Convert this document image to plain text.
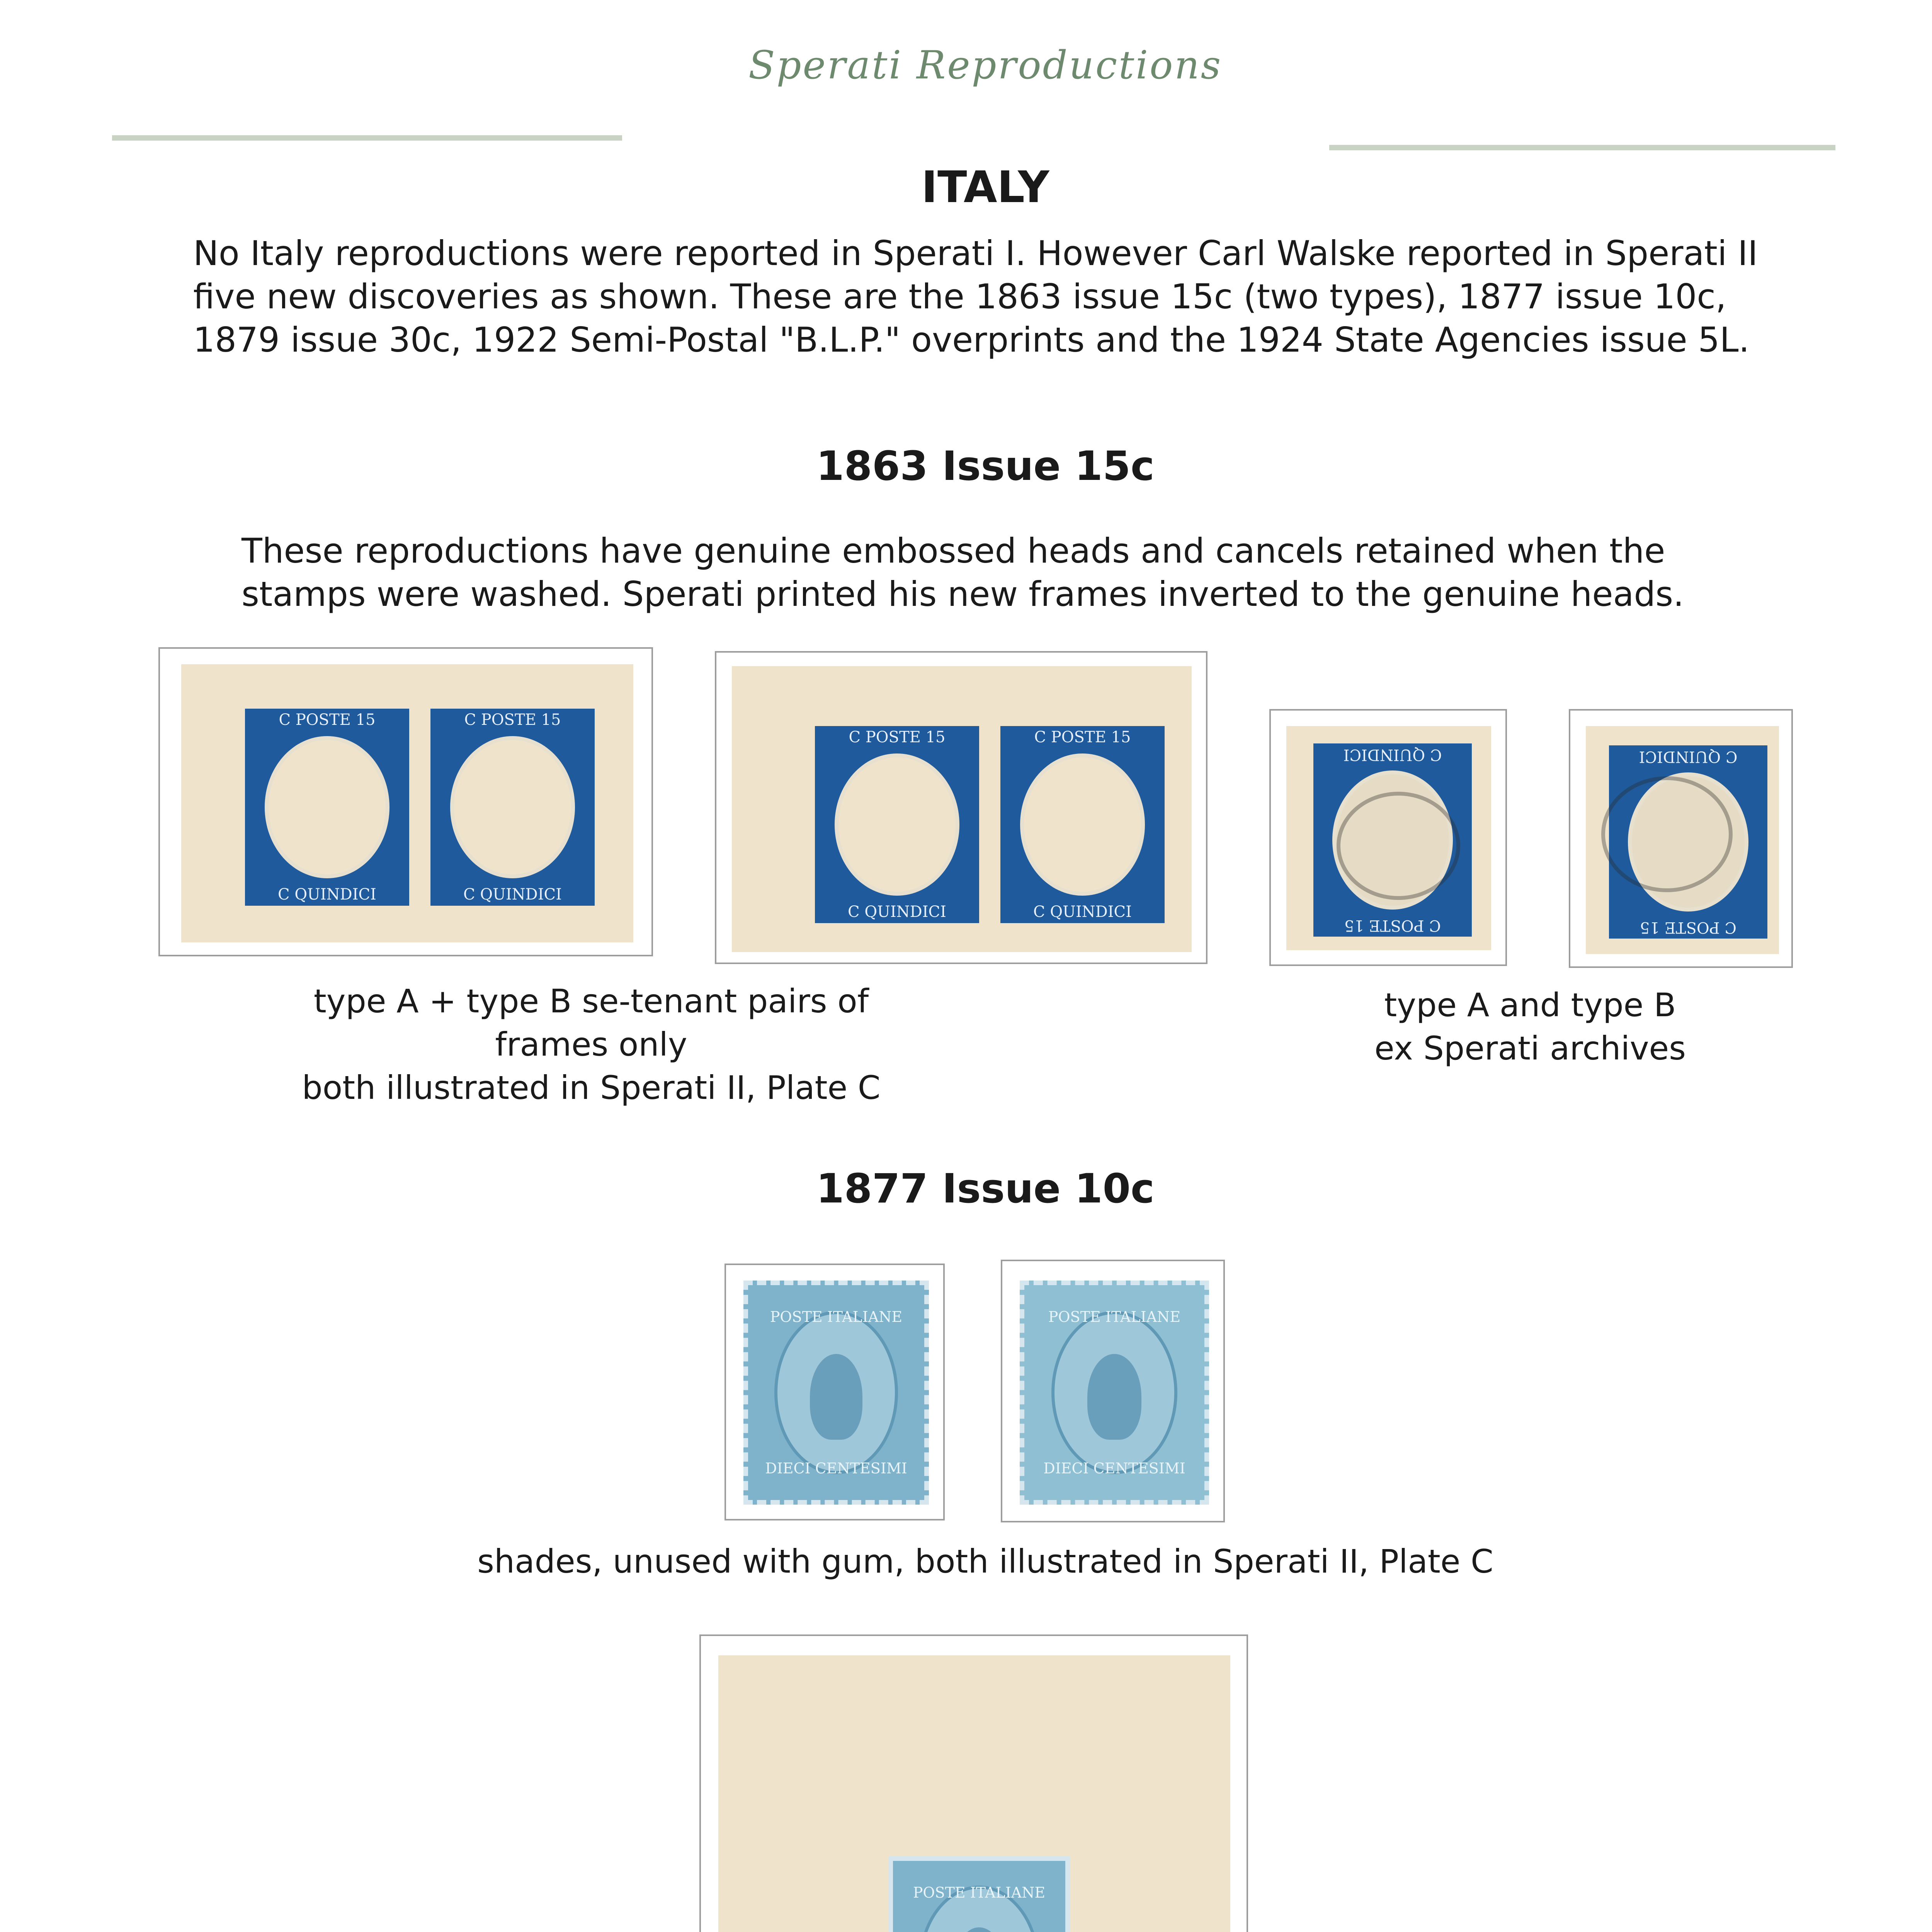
Sperati Reproductions
ITALY
No Italy reproductions were reported in Sperati I. However Carl Walske reported in Sperati II
five new discoveries as shown. These are the 1863 issue 15c (two types), 1877 issue 10c,
1879 issue 30c, 1922 Semi-Postal "B.L.P." overprints and the 1924 State Agencies issue 5L.
1863 Issue 15c
These reproductions have genuine embossed heads and cancels retained when the
stamps were washed. Sperati printed his new frames inverted to the genuine heads.
C POSTE 15
C QUINDICI
C POSTE 15
C QUINDICI
C POSTE 15
C QUINDICI
C POSTE 15
C QUINDICI
C POSTE 15
C QUINDICI
C POSTE 15
C QUINDICI
type A + type B se-tenant pairs of frames only
both illustrated in Sperati II, Plate C
type A and type B
ex Sperati archives
1877 Issue 10c
POSTE ITALIANE
DIECI CENTESIMI
POSTE ITALIANE
DIECI CENTESIMI
shades, unused with gum, both illustrated in Sperati II, Plate C
POSTE ITALIANE
